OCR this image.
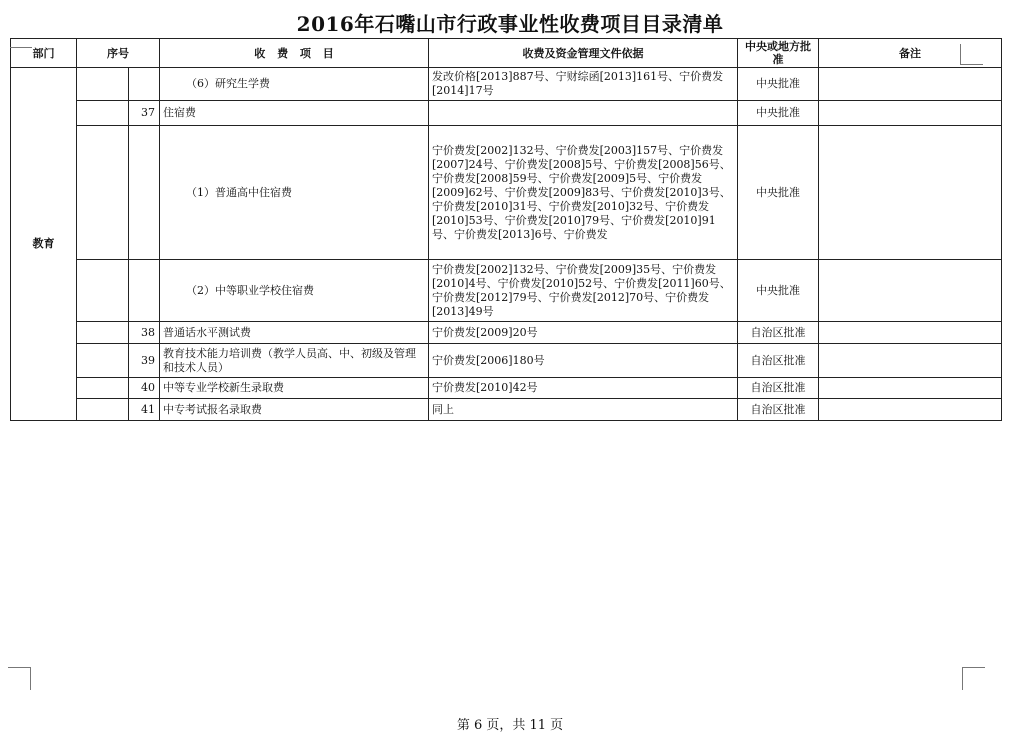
2016年石嘴山市行政事业性收费项目目录清单
部门	序号		收 费 项 目	收费及资金管理文件依据	中央或地方批准	备注
教育			（6）研究生学费	发改价格[2013]887号、宁财综函[2013]161号、宁价费发[2014]17号	中央批准	
		37	住宿费		中央批准	
			（1）普通高中住宿费	宁价费发[2002]132号、宁价费发[2003]157号、宁价费发[2007]24号、宁价费发[2008]5号、宁价费发[2008]56号、宁价费发[2008]59号、宁价费发[2009]5号、宁价费发[2009]62号、宁价费发[2009]83号、宁价费发[2010]3号、宁价费发[2010]31号、宁价费发[2010]32号、宁价费发[2010]53号、宁价费发[2010]79号、宁价费发[2010]91号、宁价费发[2013]6号、宁价费发	中央批准	
			（2）中等职业学校住宿费	宁价费发[2002]132号、宁价费发[2009]35号、宁价费发[2010]4号、宁价费发[2010]52号、宁价费发[2011]60号、宁价费发[2012]79号、宁价费发[2012]70号、宁价费发[2013]49号	中央批准	
		38	普通话水平测试费	宁价费发[2009]20号	自治区批准	
		39	教育技术能力培训费（教学人员高、中、初级及管理和技术人员）	宁价费发[2006]180号	自治区批准	
		40	中等专业学校新生录取费	宁价费发[2010]42号	自治区批准	
		41	中专考试报名录取费	同上	自治区批准	
第 6 页，共 11 页
